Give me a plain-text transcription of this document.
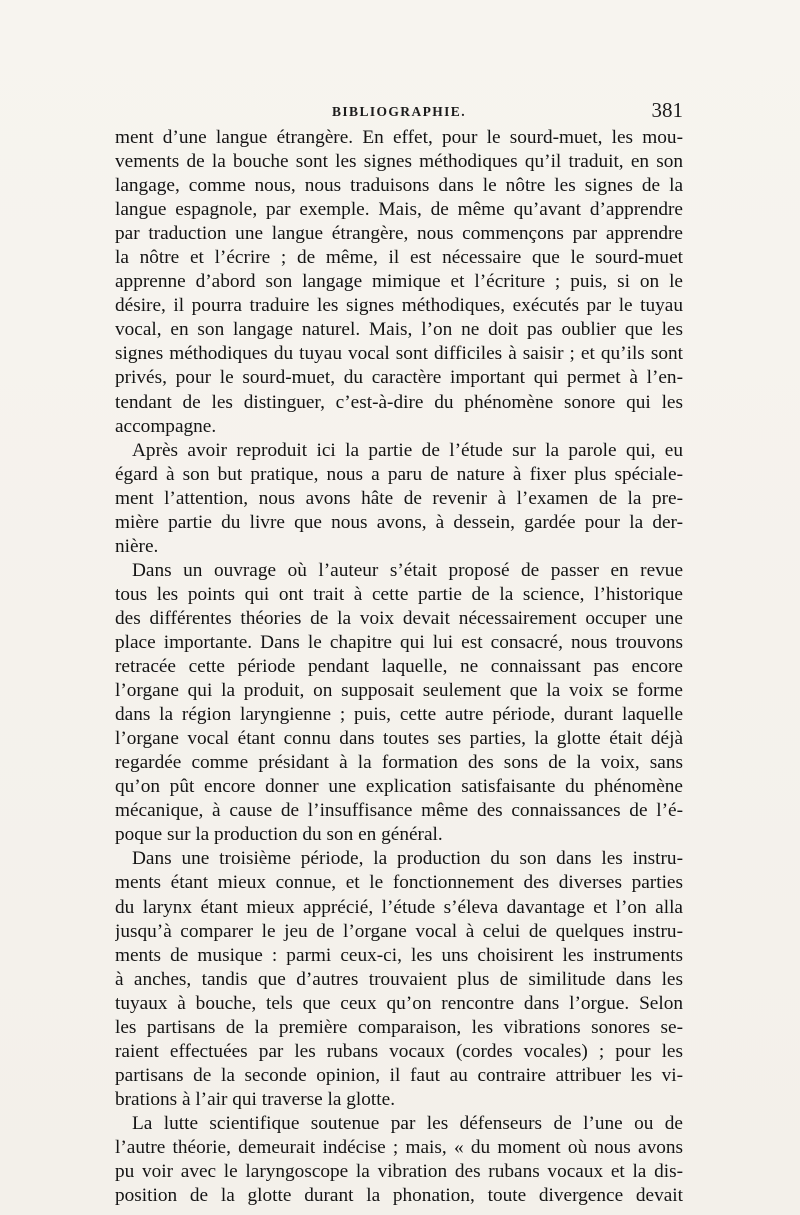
BIBLIOGRAPHIE.	381
ment d’une langue étrangère. En effet, pour le sourd-muet, les mou-
vements de la bouche sont les signes méthodiques qu’il traduit, en son
langage, comme nous, nous traduisons dans le nôtre les signes de la
langue espagnole, par exemple. Mais, de même qu’avant d’apprendre
par traduction une langue étrangère, nous commençons par apprendre
la nôtre et l’écrire ; de même, il est nécessaire que le sourd-muet
apprenne d’abord son langage mimique et l’écriture ; puis, si on le
désire, il pourra traduire les signes méthodiques, exécutés par le tuyau
vocal, en son langage naturel. Mais, l’on ne doit pas oublier que les
signes méthodiques du tuyau vocal sont difficiles à saisir ; et qu’ils sont
privés, pour le sourd-muet, du caractère important qui permet à l’en-
tendant de les distinguer, c’est-à-dire du phénomène sonore qui les
accompagne.
Après avoir reproduit ici la partie de l’étude sur la parole qui, eu
égard à son but pratique, nous a paru de nature à fixer plus spéciale-
ment l’attention, nous avons hâte de revenir à l’examen de la pre-
mière partie du livre que nous avons, à dessein, gardée pour la der-
nière.
Dans un ouvrage où l’auteur s’était proposé de passer en revue
tous les points qui ont trait à cette partie de la science, l’historique
des différentes théories de la voix devait nécessairement occuper une
place importante. Dans le chapitre qui lui est consacré, nous trouvons
retracée cette période pendant laquelle, ne connaissant pas encore
l’organe qui la produit, on supposait seulement que la voix se forme
dans la région laryngienne ; puis, cette autre période, durant laquelle
l’organe vocal étant connu dans toutes ses parties, la glotte était déjà
regardée comme présidant à la formation des sons de la voix, sans
qu’on pût encore donner une explication satisfaisante du phénomène
mécanique, à cause de l’insuffisance même des connaissances de l’é-
poque sur la production du son en général.
Dans une troisième période, la production du son dans les instru-
ments étant mieux connue, et le fonctionnement des diverses parties
du larynx étant mieux apprécié, l’étude s’éleva davantage et l’on alla
jusqu’à comparer le jeu de l’organe vocal à celui de quelques instru-
ments de musique : parmi ceux-ci, les uns choisirent les instruments
à anches, tandis que d’autres trouvaient plus de similitude dans les
tuyaux à bouche, tels que ceux qu’on rencontre dans l’orgue. Selon
les partisans de la première comparaison, les vibrations sonores se-
raient effectuées par les rubans vocaux (cordes vocales) ; pour les
partisans de la seconde opinion, il faut au contraire attribuer les vi-
brations à l’air qui traverse la glotte.
La lutte scientifique soutenue par les défenseurs de l’une ou de
l’autre théorie, demeurait indécise ; mais, « du moment où nous avons
pu voir avec le laryngoscope la vibration des rubans vocaux et la dis-
position de la glotte durant la phonation, toute divergence devait
